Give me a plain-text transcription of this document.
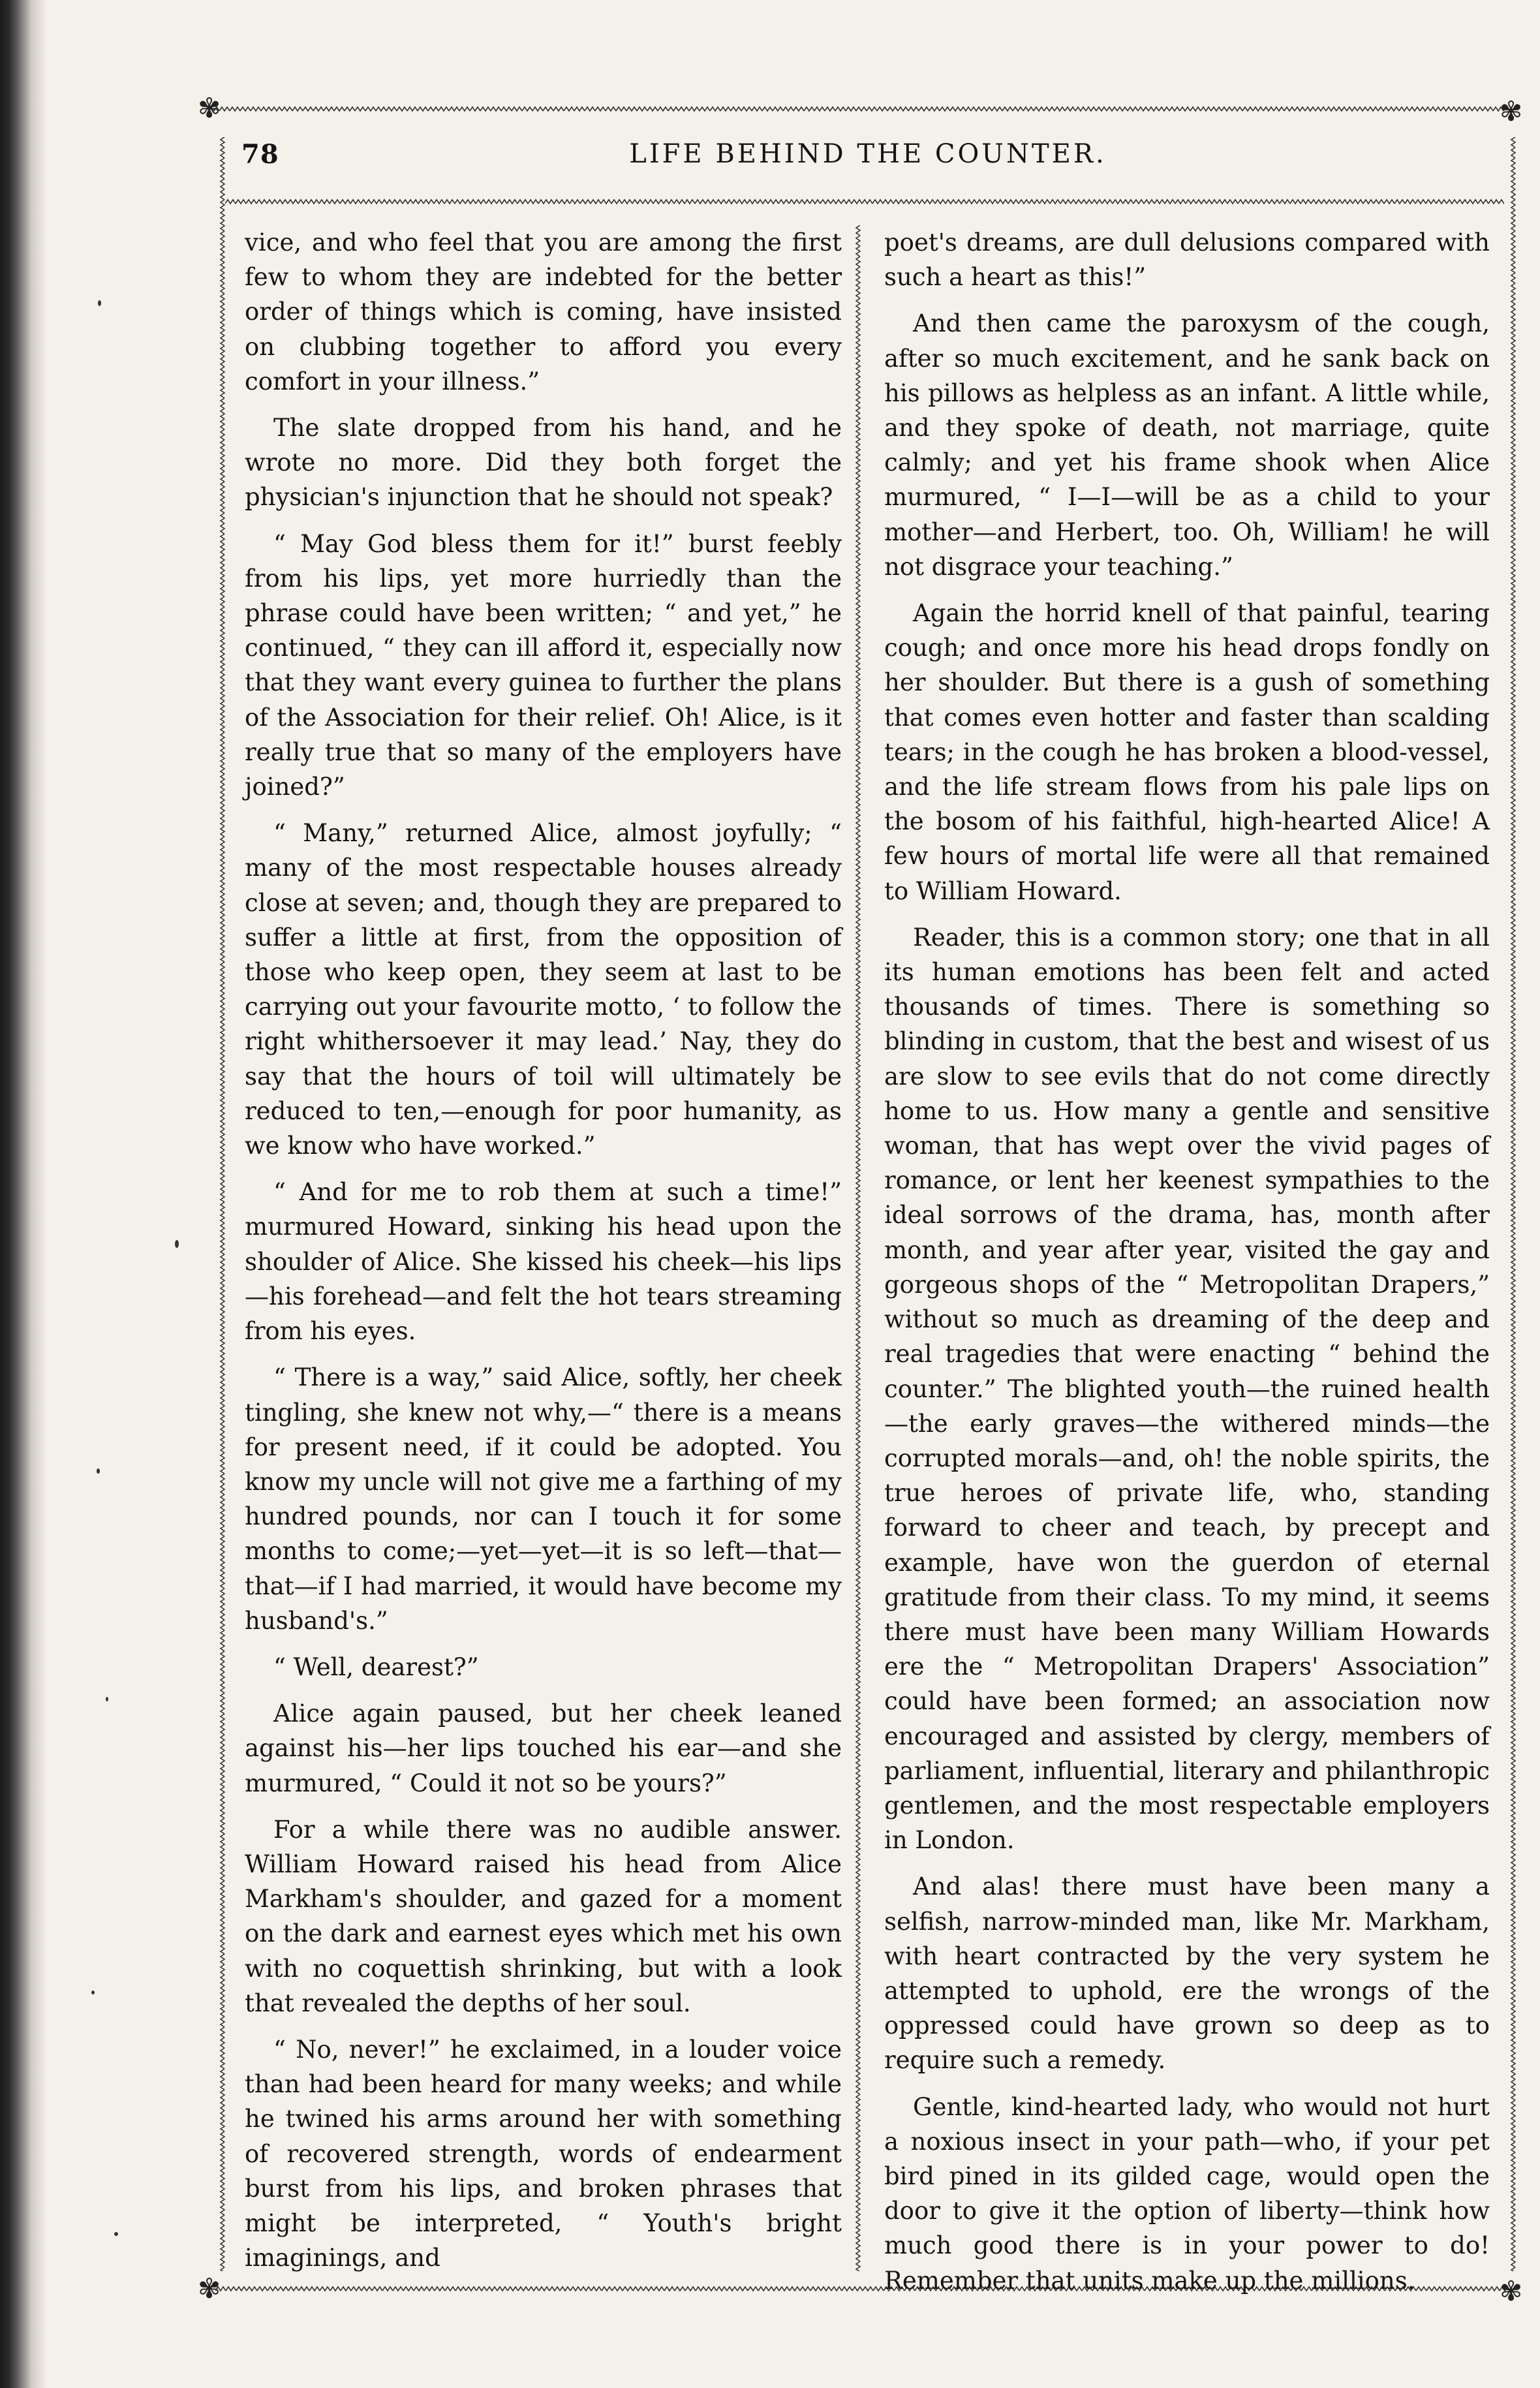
✾	✾
✾	✾
78	LIFE BEHIND THE COUNTER.

vice, and who feel that you are among the first few to whom they are indebted for the better order of things which is coming, have insisted on clubbing together to afford you every comfort in your illness.”

The slate dropped from his hand, and he wrote no more. Did they both forget the physician's injunction that he should not speak?

“ May God bless them for it!” burst feebly from his lips, yet more hurriedly than the phrase could have been written; “ and yet,” he continued, “ they can ill afford it, especially now that they want every guinea to further the plans of the Association for their relief. Oh! Alice, is it really true that so many of the employers have joined?”

“ Many,” returned Alice, almost joyfully; “ many of the most respectable houses already close at seven; and, though they are prepared to suffer a little at first, from the opposition of those who keep open, they seem at last to be carrying out your favourite motto, ‘ to follow the right whithersoever it may lead.’ Nay, they do say that the hours of toil will ultimately be reduced to ten,—enough for poor humanity, as we know who have worked.”

“ And for me to rob them at such a time!” murmured Howard, sinking his head upon the shoulder of Alice. She kissed his cheek—his lips—his forehead—and felt the hot tears streaming from his eyes.

“ There is a way,” said Alice, softly, her cheek tingling, she knew not why,—“ there is a means for present need, if it could be adopted. You know my uncle will not give me a farthing of my hundred pounds, nor can I touch it for some months to come;—yet—yet—it is so left—that—that—if I had married, it would have become my husband's.”

“ Well, dearest?”

Alice again paused, but her cheek leaned against his—her lips touched his ear—and she murmured, “ Could it not so be yours?”

For a while there was no audible answer. William Howard raised his head from Alice Markham's shoulder, and gazed for a moment on the dark and earnest eyes which met his own with no coquettish shrinking, but with a look that revealed the depths of her soul.

“ No, never!” he exclaimed, in a louder voice than had been heard for many weeks; and while he twined his arms around her with something of recovered strength, words of endearment burst from his lips, and broken phrases that might be interpreted, “ Youth's bright imaginings, and

poet's dreams, are dull delusions compared with such a heart as this!”

And then came the paroxysm of the cough, after so much excitement, and he sank back on his pillows as helpless as an infant. A little while, and they spoke of death, not marriage, quite calmly; and yet his frame shook when Alice murmured, “ I—I—will be as a child to your mother—and Herbert, too. Oh, William! he will not disgrace your teaching.”

Again the horrid knell of that painful, tearing cough; and once more his head drops fondly on her shoulder. But there is a gush of something that comes even hotter and faster than scalding tears; in the cough he has broken a blood-vessel, and the life stream flows from his pale lips on the bosom of his faithful, high-hearted Alice! A few hours of mortal life were all that remained to William Howard.

Reader, this is a common story; one that in all its human emotions has been felt and acted thousands of times. There is something so blinding in custom, that the best and wisest of us are slow to see evils that do not come directly home to us. How many a gentle and sensitive woman, that has wept over the vivid pages of romance, or lent her keenest sympathies to the ideal sorrows of the drama, has, month after month, and year after year, visited the gay and gorgeous shops of the “ Metropolitan Drapers,” without so much as dreaming of the deep and real tragedies that were enacting “ behind the counter.” The blighted youth—the ruined health—the early graves—the withered minds—the corrupted morals—and, oh! the noble spirits, the true heroes of private life, who, standing forward to cheer and teach, by precept and example, have won the guerdon of eternal gratitude from their class. To my mind, it seems there must have been many William Howards ere the “ Metropolitan Drapers' Association” could have been formed; an association now encouraged and assisted by clergy, members of parliament, influential, literary and philanthropic gentlemen, and the most respectable employers in London.

And alas! there must have been many a selfish, narrow-minded man, like Mr. Markham, with heart contracted by the very system he attempted to uphold, ere the wrongs of the oppressed could have grown so deep as to require such a remedy.

Gentle, kind-hearted lady, who would not hurt a noxious insect in your path—who, if your pet bird pined in its gilded cage, would open the door to give it the option of liberty—think how much good there is in your power to do! Remember that units make up the millions.
